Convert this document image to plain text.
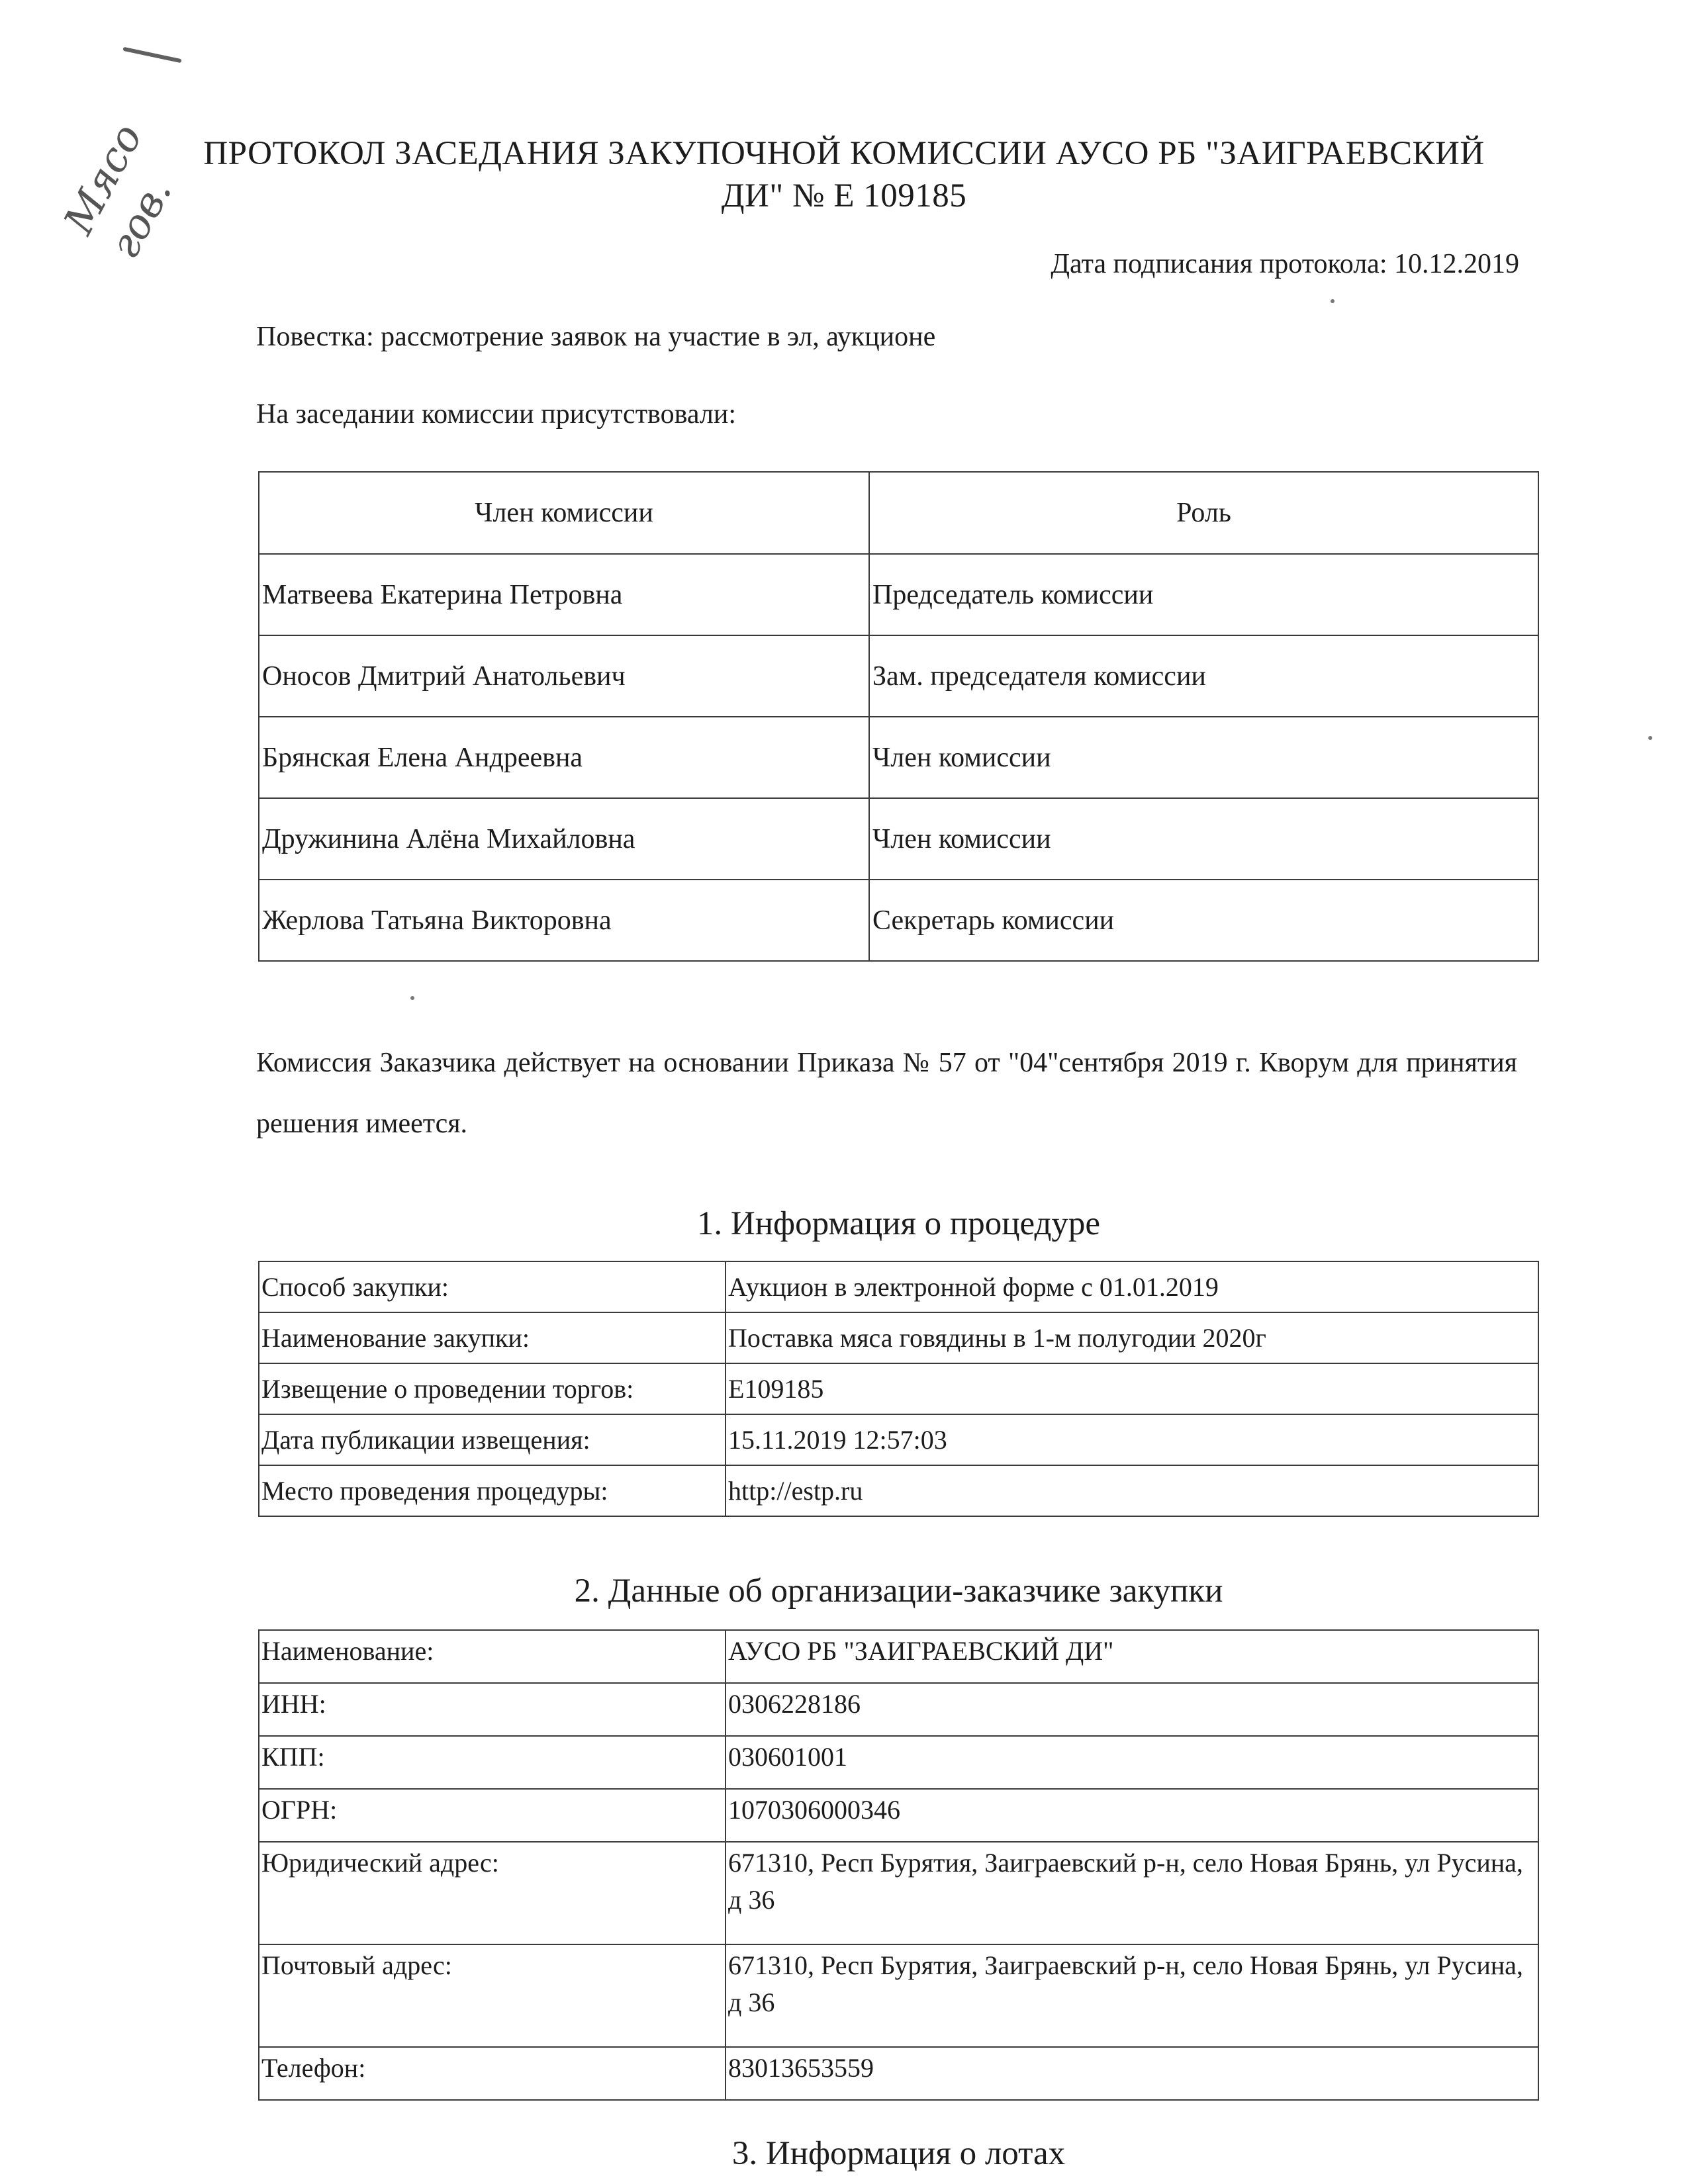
Мясо
гов.
ПРОТОКОЛ ЗАСЕДАНИЯ ЗАКУПОЧНОЙ КОМИССИИ АУСО РБ "ЗАИГРАЕВСКИЙ ДИ" № Е 109185
Дата подписания протокола: 10.12.2019
Повестка: рассмотрение заявок на участие в эл, аукционе
На заседании комиссии присутствовали:
Член комиссии	Роль
Матвеева Екатерина Петровна	Председатель комиссии
Оносов Дмитрий Анатольевич	Зам. председателя комиссии
Брянская Елена Андреевна	Член комиссии
Дружинина Алёна Михайловна	Член комиссии
Жерлова Татьяна Викторовна	Секретарь комиссии
Комиссия Заказчика действует на основании Приказа № 57 от "04"сентября 2019 г. Кворум для принятия решения имеется.
1. Информация о процедуре
Способ закупки:	Аукцион в электронной форме с 01.01.2019
Наименование закупки:	Поставка мяса говядины в 1-м полугодии 2020г
Извещение о проведении торгов:	E109185
Дата публикации извещения:	15.11.2019 12:57:03
Место проведения процедуры:	http://estp.ru
2. Данные об организации-заказчике закупки
Наименование:	АУСО РБ "ЗАИГРАЕВСКИЙ ДИ"
ИНН:	0306228186
КПП:	030601001
ОГРН:	1070306000346
Юридический адрес:	671310, Респ Бурятия, Заиграевский р-н, село Новая Брянь, ул Русина, д 36
Почтовый адрес:	671310, Респ Бурятия, Заиграевский р-н, село Новая Брянь, ул Русина, д 36
Телефон:	83013653559
3. Информация о лотах
